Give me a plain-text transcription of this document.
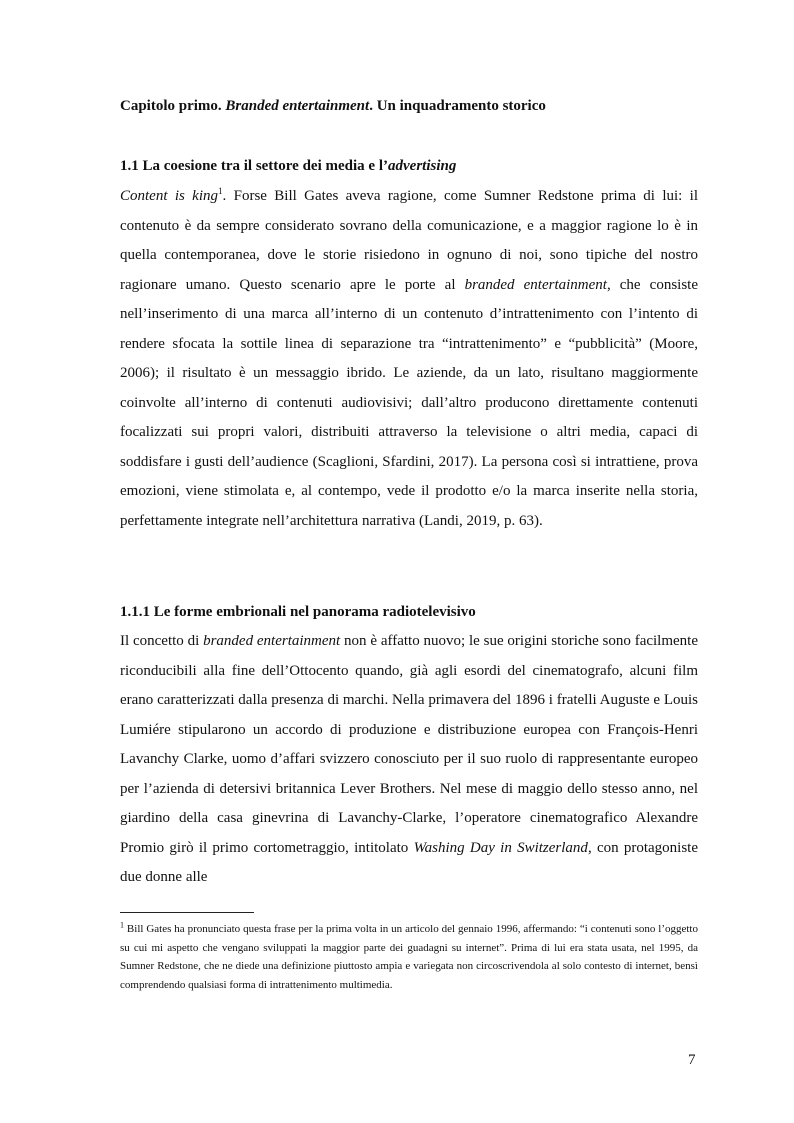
Capitolo primo. Branded entertainment. Un inquadramento storico
1.1 La coesione tra il settore dei media e l’advertising

Content is king$^1$. Forse Bill Gates aveva ragione, come Sumner Redstone prima di lui: il contenuto è da sempre considerato sovrano della comunicazione, e a maggior ragione lo è in quella contemporanea, dove le storie risiedono in ognuno di noi, sono tipiche del nostro ragionare umano. Questo scenario apre le porte al branded entertainment, che consiste nell’inserimento di una marca all’interno di un contenuto d’intrattenimento con l’intento di rendere sfocata la sottile linea di separazione tra “intrattenimento” e “pubblicità” (Moore, 2006); il risultato è un messaggio ibrido. Le aziende, da un lato, risultano maggiormente coinvolte all’interno di contenuti audiovisivi; dall’altro producono direttamente contenuti focalizzati sui propri valori, distribuiti attraverso la televisione o altri media, capaci di soddisfare i gusti dell’audience (Scaglioni, Sfardini, 2017). La persona così si intrattiene, prova emozioni, viene stimolata e, al contempo, vede il prodotto e/o la marca inserite nella storia, perfettamente integrate nell’architettura narrativa (Landi, 2019, p. 63).

1.1.1 Le forme embrionali nel panorama radiotelevisivo

Il concetto di branded entertainment non è affatto nuovo; le sue origini storiche sono facilmente riconducibili alla fine dell’Ottocento quando, già agli esordi del cinematografo, alcuni film erano caratterizzati dalla presenza di marchi. Nella primavera del 1896 i fratelli Auguste e Louis Lumiére stipularono un accordo di produzione e distribuzione europea con François-Henri Lavanchy Clarke, uomo d’affari svizzero conosciuto per il suo ruolo di rappresentante europeo per l’azienda di detersivi britannica Lever Brothers. Nel mese di maggio dello stesso anno, nel giardino della casa ginevrina di Lavanchy-Clarke, l’operatore cinematografico Alexandre Promio girò il primo cortometraggio, intitolato Washing Day in Switzerland, con protagoniste due donne alle

$^1$ Bill Gates ha pronunciato questa frase per la prima volta in un articolo del gennaio 1996, affermando: “i contenuti sono l’oggetto su cui mi aspetto che vengano sviluppati la maggior parte dei guadagni su internet”. Prima di lui era stata usata, nel 1995, da Sumner Redstone, che ne diede una definizione piuttosto ampia e variegata non circoscrivendola al solo contesto di internet, bensì comprendendo qualsiasi forma di intrattenimento multimedia.

7
